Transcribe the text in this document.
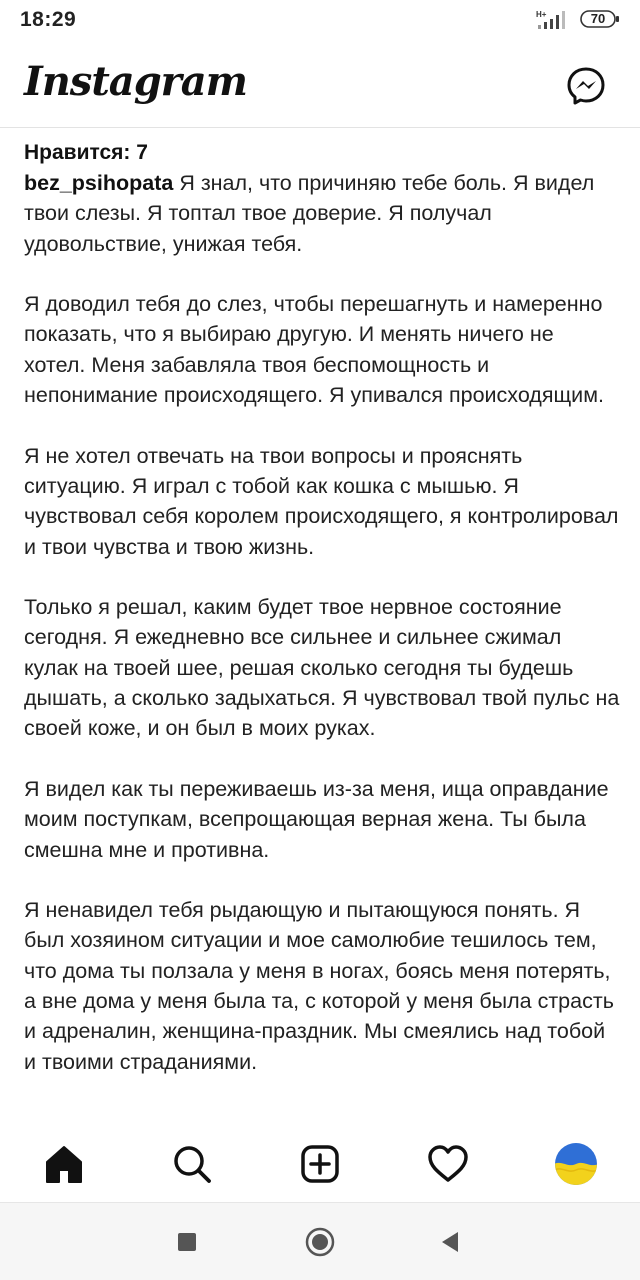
18:29	H+	70
Instagram
Нравится: 7

bez_psihopata Я знал, что причиняю тебе боль. Я видел твои слезы. Я топтал твое доверие. Я получал удовольствие, унижая тебя.

Я доводил тебя до слез, чтобы перешагнуть и намеренно показать, что я выбираю другую. И менять ничего не хотел. Меня забавляла твоя беспомощность и непонимание происходящего. Я упивался происходящим.

Я не хотел отвечать на твои вопросы и прояснять ситуацию. Я играл с тобой как кошка с мышью. Я чувствовал себя королем происходящего, я контролировал и твои чувства и твою жизнь.

Только я решал, каким будет твое нервное состояние сегодня. Я ежедневно все сильнее и сильнее сжимал кулак на твоей шее, решая сколько сегодня ты будешь дышать, а сколько задыхаться. Я чувствовал твой пульс на своей коже, и он был в моих руках.

Я видел как ты переживаешь из-за меня, ища оправдание моим поступкам, всепрощающая верная жена. Ты была смешна мне и противна.

Я ненавидел тебя рыдающую и пытающуюся понять. Я был хозяином ситуации и мое самолюбие тешилось тем, что дома ты ползала у меня в ногах, боясь меня потерять, а вне дома у меня была та, с которой у меня была страсть и адреналин, женщина-праздник. Мы смеялись над тобой и твоими страданиями.
